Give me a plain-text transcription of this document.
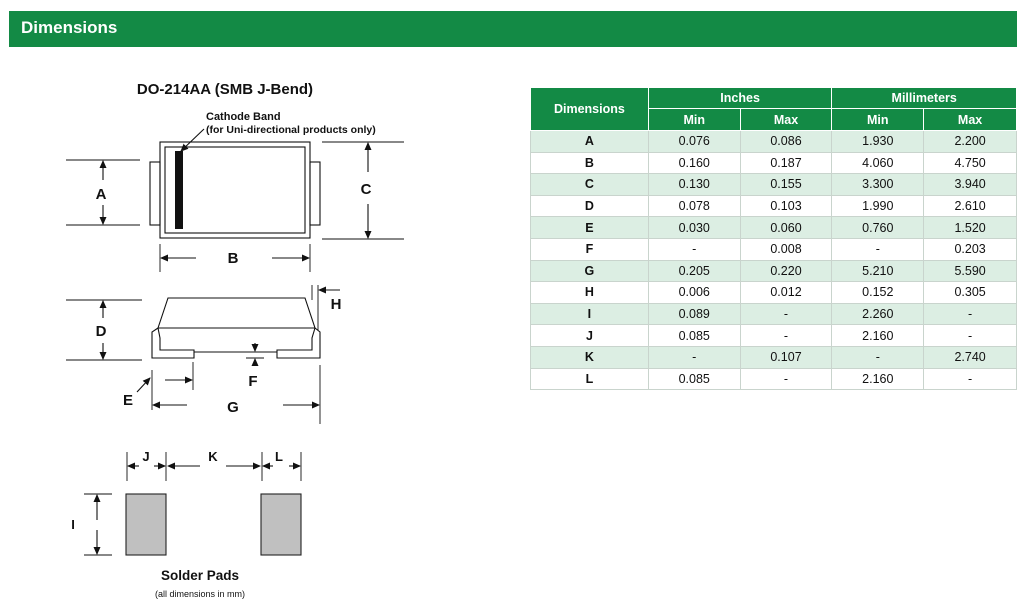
Dimensions
DO-214AA (SMB J-Bend)
Cathode Band
(for Uni-directional products only)
A	C
B
D
H
F
E	G
J	K	L
I
Solder Pads
(all dimensions in mm)
Dimensions	Inches		Millimeters	
	Min	Max	Min	Max
A	0.076	0.086	1.930	2.200
B	0.160	0.187	4.060	4.750
C	0.130	0.155	3.300	3.940
D	0.078	0.103	1.990	2.610
E	0.030	0.060	0.760	1.520
F	-	0.008	-	0.203
G	0.205	0.220	5.210	5.590
H	0.006	0.012	0.152	0.305
I	0.089	-	2.260	-
J	0.085	-	2.160	-
K	-	0.107	-	2.740
L	0.085	-	2.160	-
